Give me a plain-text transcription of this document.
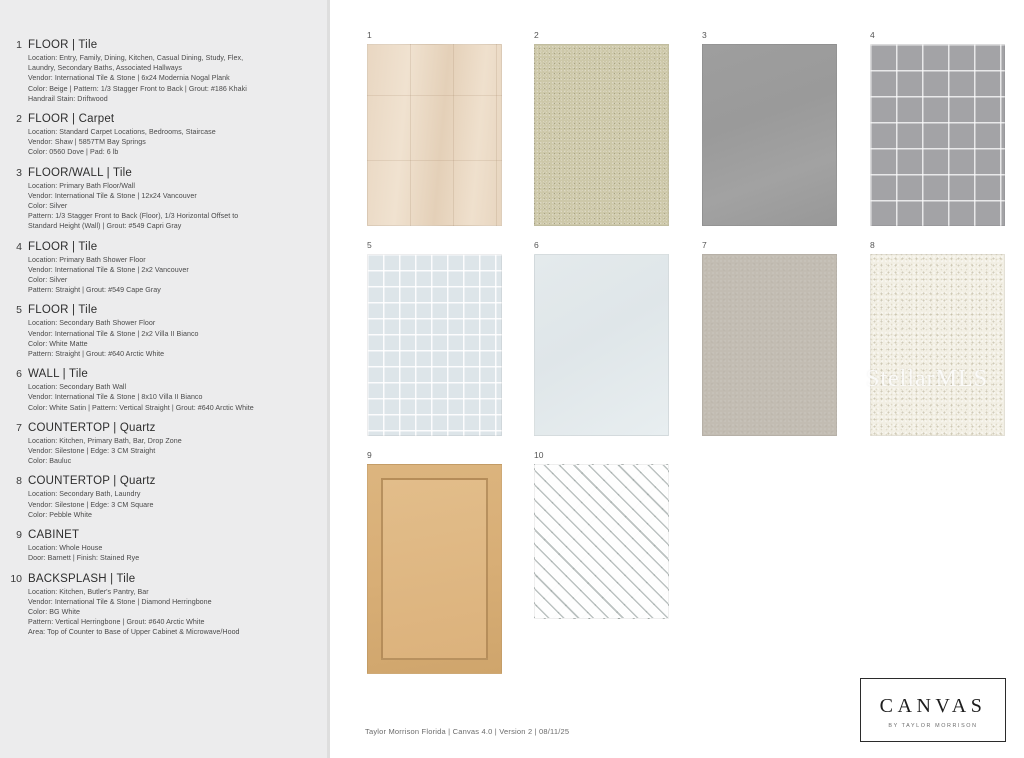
1 FLOOR | Tile
Location: Entry, Family, Dining, Kitchen, Casual Dining, Study, Flex,
Laundry, Secondary Baths, Associated Hallways
Vendor: International Tile & Stone | 6x24 Modernia Nogal Plank
Color: Beige | Pattern: 1/3 Stagger Front to Back | Grout: #186 Khaki
Handrail Stain: Driftwood
2 FLOOR | Carpet
Location: Standard Carpet Locations, Bedrooms, Staircase
Vendor: Shaw | 5857TM Bay Springs
Color: 0560 Dove | Pad: 6 lb
3 FLOOR/WALL | Tile
Location: Primary Bath Floor/Wall
Vendor: International Tile & Stone | 12x24 Vancouver
Color: Silver
Pattern: 1/3 Stagger Front to Back (Floor), 1/3 Horizontal Offset to
Standard Height (Wall) | Grout: #549 Capri Gray
4 FLOOR | Tile
Location: Primary Bath Shower Floor
Vendor: International Tile & Stone | 2x2 Vancouver
Color: Silver
Pattern: Straight | Grout: #549 Cape Gray
5 FLOOR | Tile
Location: Secondary Bath Shower Floor
Vendor: International Tile & Stone | 2x2 Villa II Bianco
Color: White Matte
Pattern: Straight | Grout: #640 Arctic White
6 WALL | Tile
Location: Secondary Bath Wall
Vendor: International Tile & Stone | 8x10 Villa II Bianco
Color: White Satin | Pattern: Vertical Straight | Grout: #640 Arctic White
7 COUNTERTOP | Quartz
Location: Kitchen, Primary Bath, Bar, Drop Zone
Vendor: Silestone | Edge: 3 CM Straight
Color: Bauluc
8 COUNTERTOP | Quartz
Location: Secondary Bath, Laundry
Vendor: Silestone | Edge: 3 CM Square
Color: Pebble White
9 CABINET
Location: Whole House
Door: Barnett | Finish: Stained Rye
10 BACKSPLASH | Tile
Location: Kitchen, Butler's Pantry, Bar
Vendor: International Tile & Stone | Diamond Herringbone
Color: BG White
Pattern: Vertical Herringbone | Grout: #640 Arctic White
Area: Top of Counter to Base of Upper Cabinet & Microwave/Hood
1	2	3	4
5	6	7	8
9	10
Taylor Morrison Florida | Canvas 4.0 | Version 2 | 08/11/25
CANVAS
BY TAYLOR MORRISON
StellarMLS
